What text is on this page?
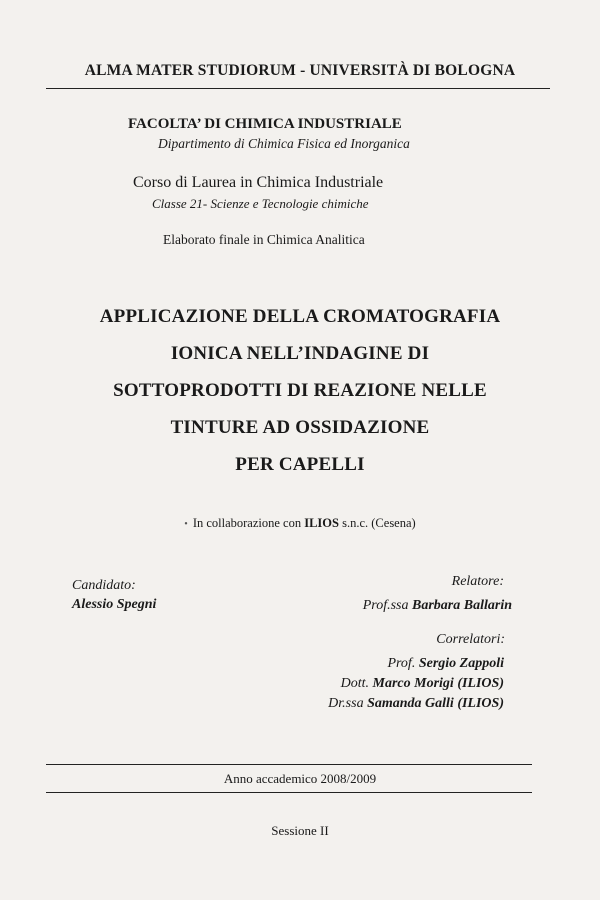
ALMA MATER STUDIORUM - UNIVERSITÀ DI BOLOGNA
FACOLTA’ DI CHIMICA INDUSTRIALE
Dipartimento di Chimica Fisica ed Inorganica
Corso di Laurea in Chimica Industriale
Classe 21- Scienze e Tecnologie chimiche
Elaborato finale in Chimica Analitica
APPLICAZIONE DELLA CROMATOGRAFIA
IONICA NELL’INDAGINE DI
SOTTOPRODOTTI DI REAZIONE NELLE
TINTURE AD OSSIDAZIONE
PER CAPELLI
• In collaborazione con ILIOS s.n.c. (Cesena)
Candidato:
Alessio Spegni
Relatore:
Prof.ssa Barbara Ballarin
Correlatori:
Prof. Sergio Zappoli
Dott. Marco Morigi (ILIOS)
Dr.ssa Samanda Galli (ILIOS)
Anno accademico 2008/2009
Sessione II
